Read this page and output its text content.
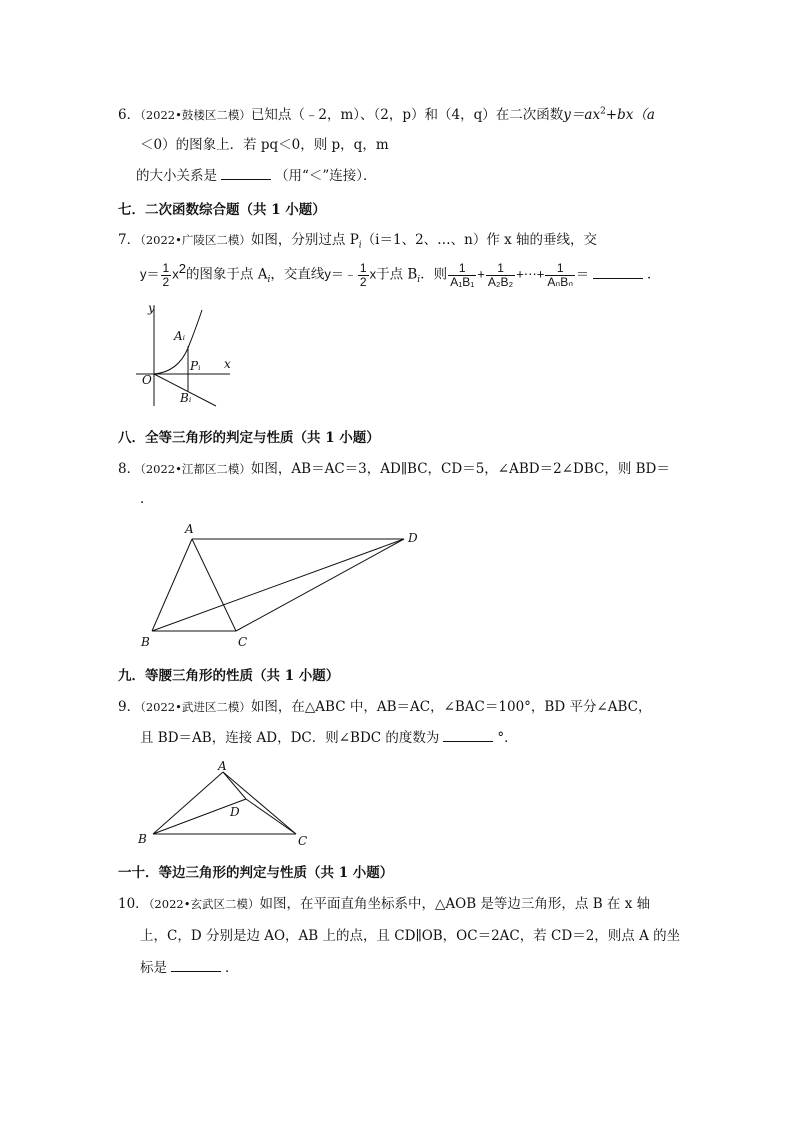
6．（2022•鼓楼区二模）已知点（﹣2，m）、（2，p）和（4，q）在二次函数$y=ax^2+bx(a$
＜0）的图象上．若 pq＜0，则 p，q，m
的大小关系是	（用“＜”连接）．
七．二次函数综合题（共 1 小题）
7．（2022•广陵区二模）如图，分别过点 $P_i(i=1$、2、…、n）作 x 轴的垂线，交
$y= \frac{1}{2} x^2$的图象于点 $A_i$，交直线y＝﹣ $\frac{1}{2}$ x于点 $B_i$．则 $\frac{1}{\text{A₁B₁}} + \frac{1}{\text{A₂B₂}}$ +⋯+ $\frac{1}{\text{AₙBₙ}}$ ＝	．
y
x
O
Aᵢ
Pᵢ
Bᵢ
八．全等三角形的判定与性质（共 1 小题）
8．（2022•江都区二模）如图，AB＝AC＝3，AD∥BC，CD＝5，∠ABD＝2∠DBC，则 BD＝
．
A
B	C
D
九．等腰三角形的性质（共 1 小题）
9．（2022•武进区二模）如图，在△ABC 中，AB＝AC，∠BAC＝100°，BD 平分∠ABC，
且 BD＝AB，连接 AD，DC．则∠BDC 的度数为	°．
A
B	C
D
一十．等边三角形的判定与性质（共 1 小题）
10．（2022•玄武区二模）如图，在平面直角坐标系中，△AOB 是等边三角形，点 B 在 x 轴
上，C，D 分别是边 AO，AB 上的点，且 CD∥OB，OC＝2AC，若 CD＝2，则点 A 的坐
标是	．
